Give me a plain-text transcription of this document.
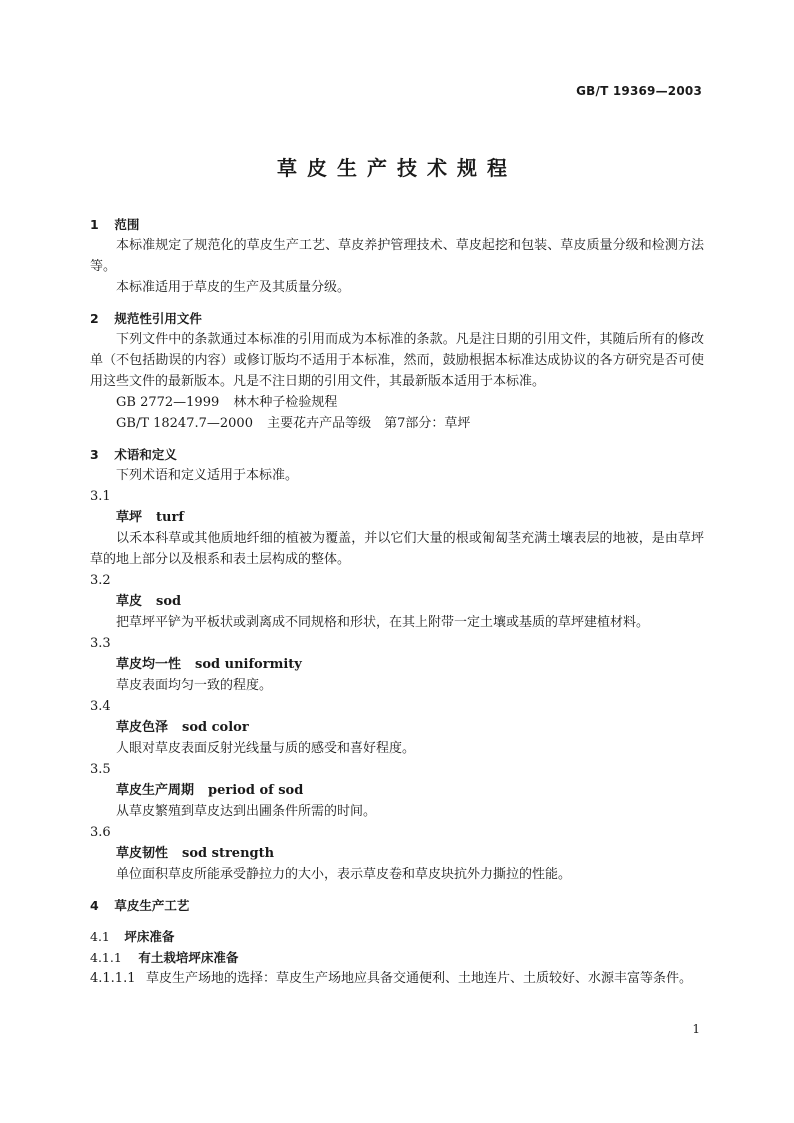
GB/T 19369—2003
草皮生产技术规程
1 范围
本标准规定了规范化的草皮生产工艺、草皮养护管理技术、草皮起挖和包装、草皮质量分级和检测方法等。
本标准适用于草皮的生产及其质量分级。
2 规范性引用文件
下列文件中的条款通过本标准的引用而成为本标准的条款。凡是注日期的引用文件，其随后所有的修改单（不包括勘误的内容）或修订版均不适用于本标准，然而，鼓励根据本标准达成协议的各方研究是否可使用这些文件的最新版本。凡是不注日期的引用文件，其最新版本适用于本标准。
GB 2772—1999 林木种子检验规程
GB/T 18247.7—2000 主要花卉产品等级　第7部分：草坪
3 术语和定义
下列术语和定义适用于本标准。
3.1
草坪 turf
以禾本科草或其他质地纤细的植被为覆盖，并以它们大量的根或匍匐茎充满土壤表层的地被，是由草坪草的地上部分以及根系和表土层构成的整体。
3.2
草皮 sod
把草坪平铲为平板状或剥离成不同规格和形状，在其上附带一定土壤或基质的草坪建植材料。
3.3
草皮均一性 sod uniformity
草皮表面均匀一致的程度。
3.4
草皮色泽 sod color
人眼对草皮表面反射光线量与质的感受和喜好程度。
3.5
草皮生产周期 period of sod
从草皮繁殖到草皮达到出圃条件所需的时间。
3.6
草皮韧性 sod strength
单位面积草皮所能承受静拉力的大小，表示草皮卷和草皮块抗外力撕拉的性能。
4 草皮生产工艺
4.1 坪床准备
4.1.1 有土栽培坪床准备
4.1.1.1 草皮生产场地的选择：草皮生产场地应具备交通便利、土地连片、土质较好、水源丰富等条件。
1
